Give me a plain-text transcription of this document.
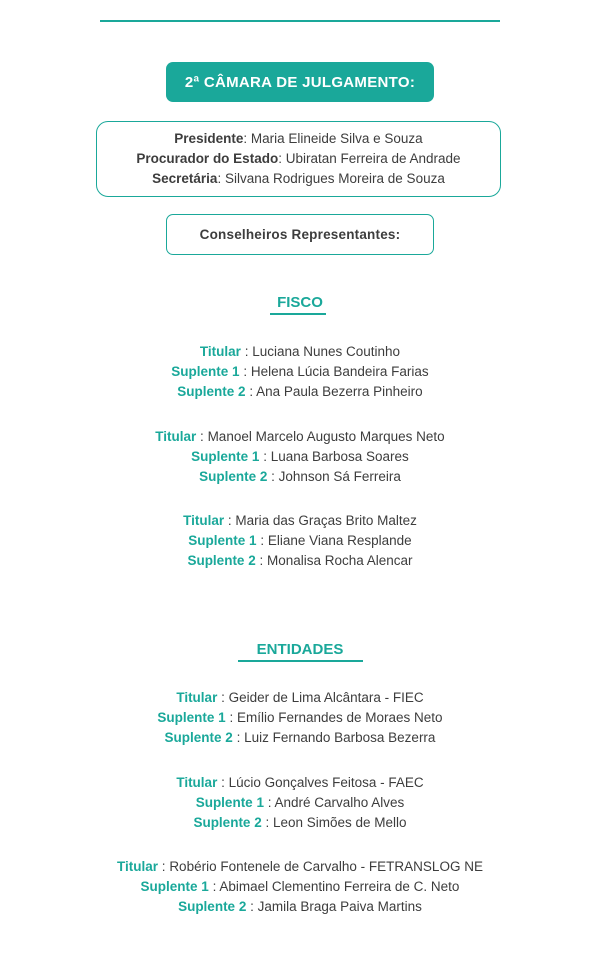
2ª CÂMARA DE JULGAMENTO:
Presidente: Maria Elineide Silva e Souza
Procurador do Estado: Ubiratan Ferreira de Andrade
Secretária: Silvana Rodrigues Moreira de Souza
Conselheiros Representantes:
FISCO
Titular : Luciana Nunes Coutinho
Suplente 1 : Helena Lúcia Bandeira Farias
Suplente 2 : Ana Paula Bezerra Pinheiro
Titular : Manoel Marcelo Augusto Marques Neto
Suplente 1 : Luana Barbosa Soares
Suplente 2 : Johnson Sá Ferreira
Titular : Maria das Graças Brito Maltez
Suplente 1 : Eliane Viana Resplande
Suplente 2 : Monalisa Rocha Alencar
ENTIDADES
Titular : Geider de Lima Alcântara - FIEC
Suplente 1 : Emílio Fernandes de Moraes Neto
Suplente 2 : Luiz Fernando Barbosa Bezerra
Titular : Lúcio Gonçalves Feitosa - FAEC
Suplente 1 : André Carvalho Alves
Suplente 2 : Leon Simões de Mello
Titular : Robério Fontenele de Carvalho - FETRANSLOG NE
Suplente 1 : Abimael Clementino Ferreira de C. Neto
Suplente 2 : Jamila Braga Paiva Martins
